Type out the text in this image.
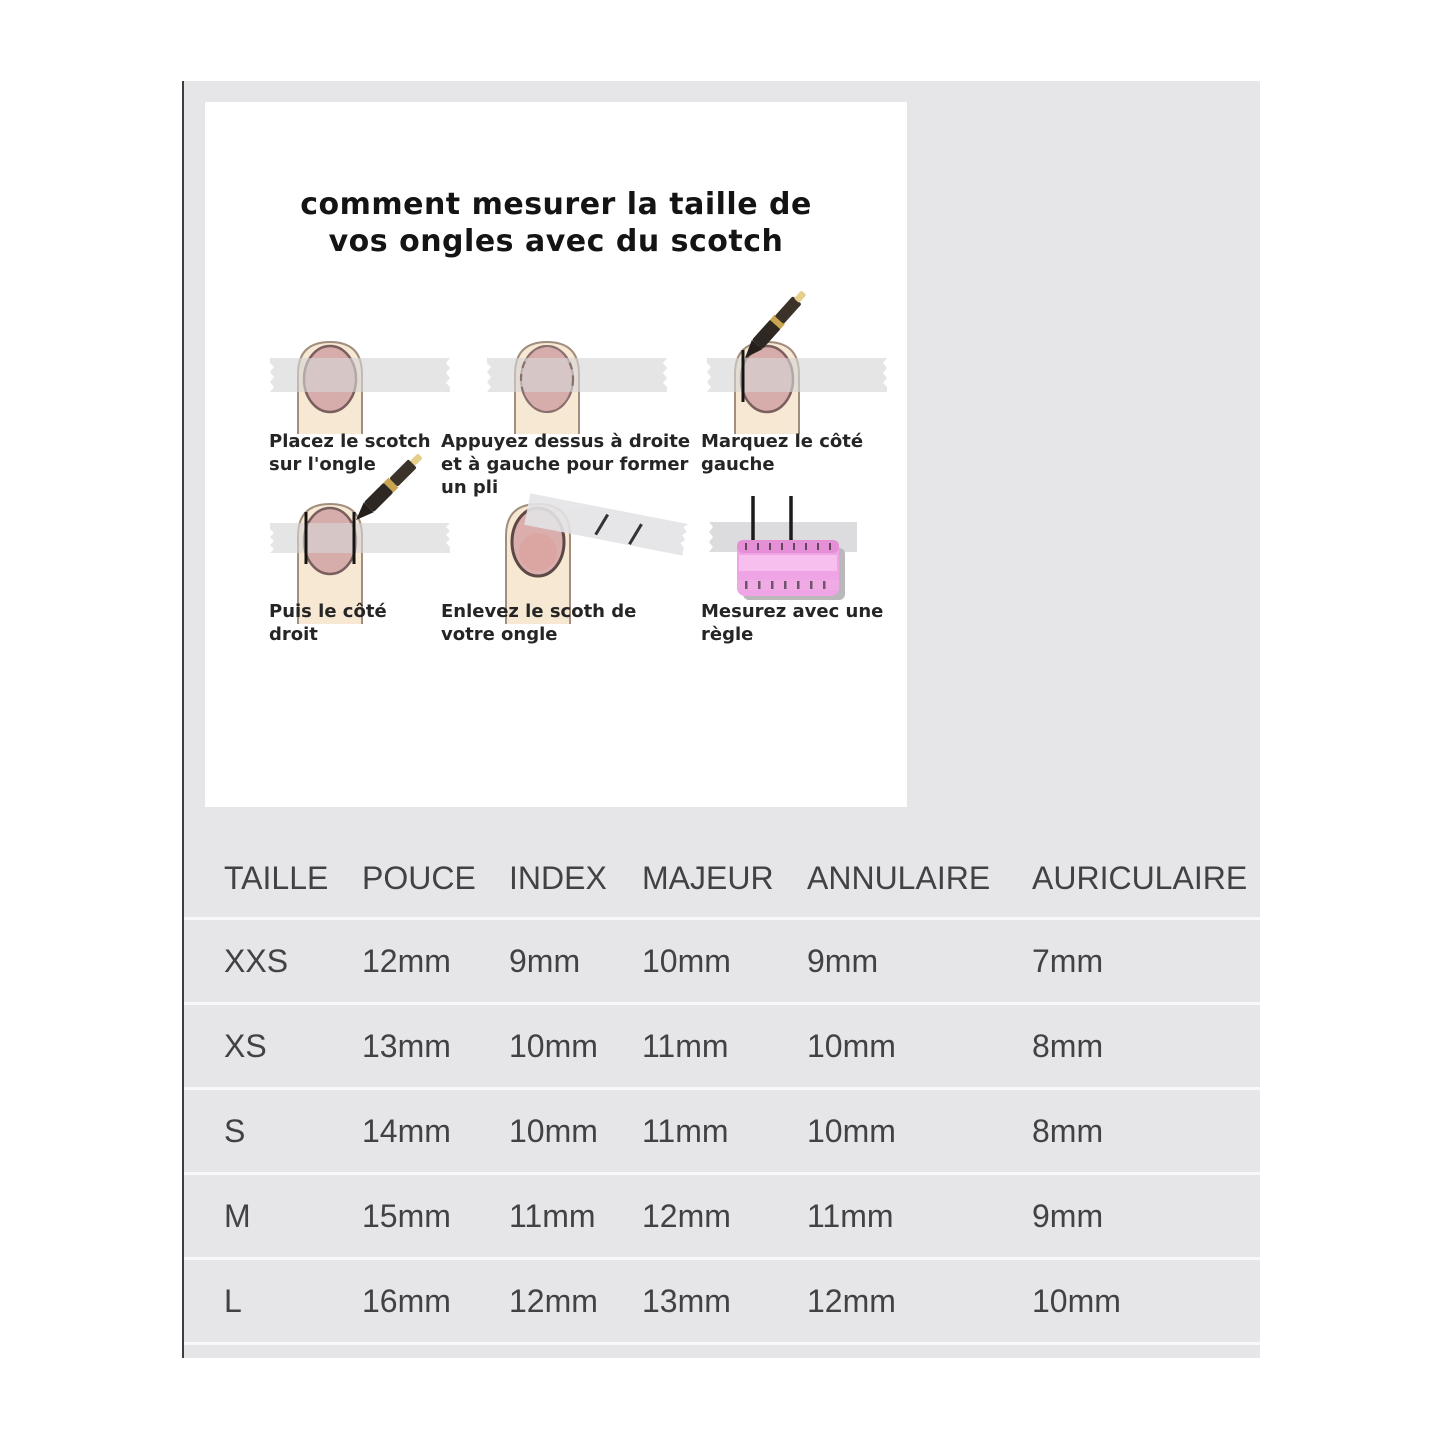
comment mesurer la taille de
vos ongles avec du scotch
Placez le scotch sur l'ongle
Appuyez dessus à droite et à gauche pour former un pli
Marquez le côté gauche
Puis le côté droit
Enlevez le scoth de votre ongle
Mesurez avec une règle
TAILLE	POUCE	INDEX	MAJEUR	ANNULAIRE	AURICULAIRE
XXS	12mm	9mm	10mm	9mm	7mm
XS	13mm	10mm	11mm	10mm	8mm
S	14mm	10mm	11mm	10mm	8mm
M	15mm	11mm	12mm	11mm	9mm
L	16mm	12mm	13mm	12mm	10mm
